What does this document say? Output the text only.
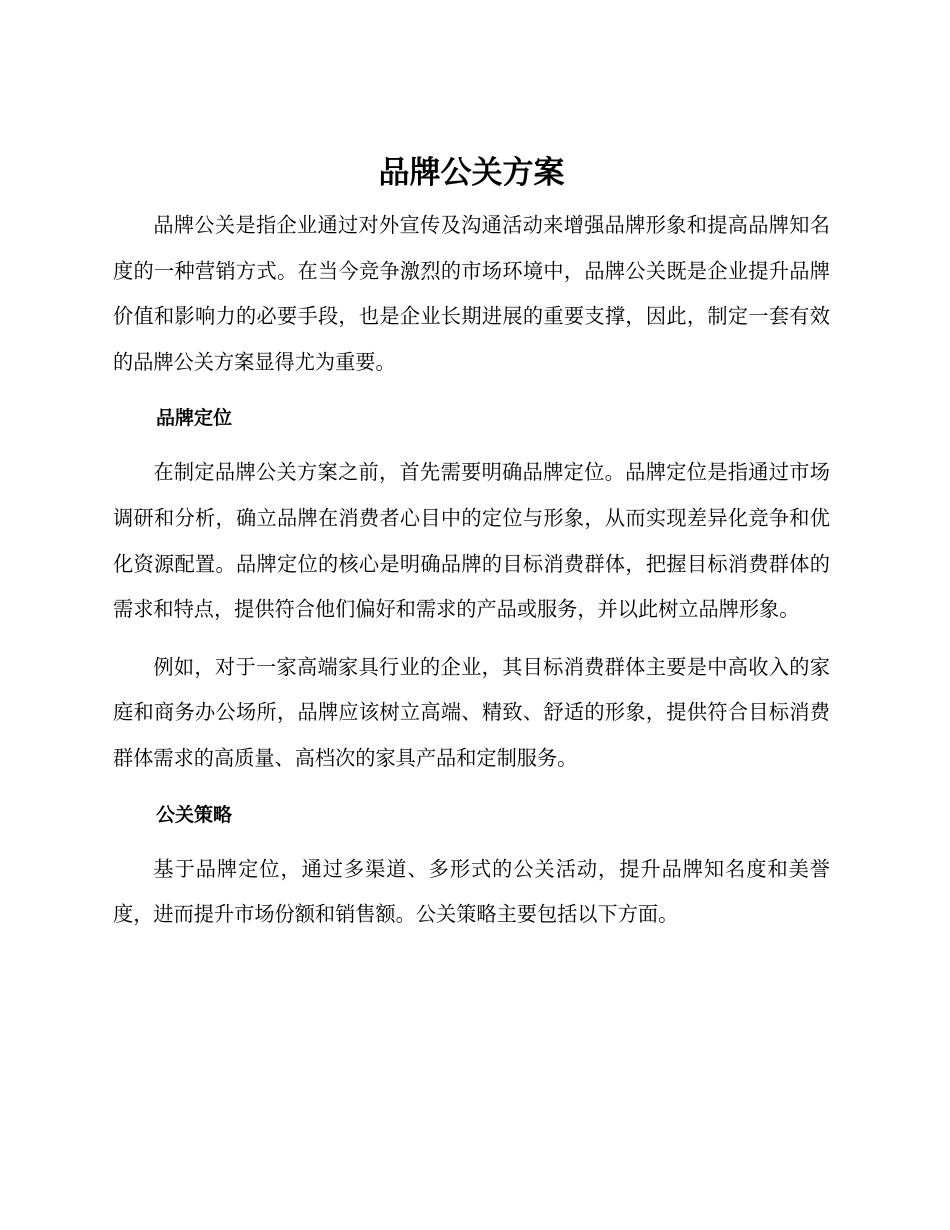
品牌公关方案

品牌公关是指企业通过对外宣传及沟通活动来增强品牌形象和提高品牌知名度的一种营销方式。在当今竞争激烈的市场环境中，品牌公关既是企业提升品牌价值和影响力的必要手段，也是企业长期进展的重要支撑，因此，制定一套有效的品牌公关方案显得尤为重要。

品牌定位

在制定品牌公关方案之前，首先需要明确品牌定位。品牌定位是指通过市场调研和分析，确立品牌在消费者心目中的定位与形象，从而实现差异化竞争和优化资源配置。品牌定位的核心是明确品牌的目标消费群体，把握目标消费群体的需求和特点，提供符合他们偏好和需求的产品或服务，并以此树立品牌形象。

例如，对于一家高端家具行业的企业，其目标消费群体主要是中高收入的家庭和商务办公场所，品牌应该树立高端、精致、舒适的形象，提供符合目标消费群体需求的高质量、高档次的家具产品和定制服务。

公关策略

基于品牌定位，通过多渠道、多形式的公关活动，提升品牌知名度和美誉度，进而提升市场份额和销售额。公关策略主要包括以下方面。
